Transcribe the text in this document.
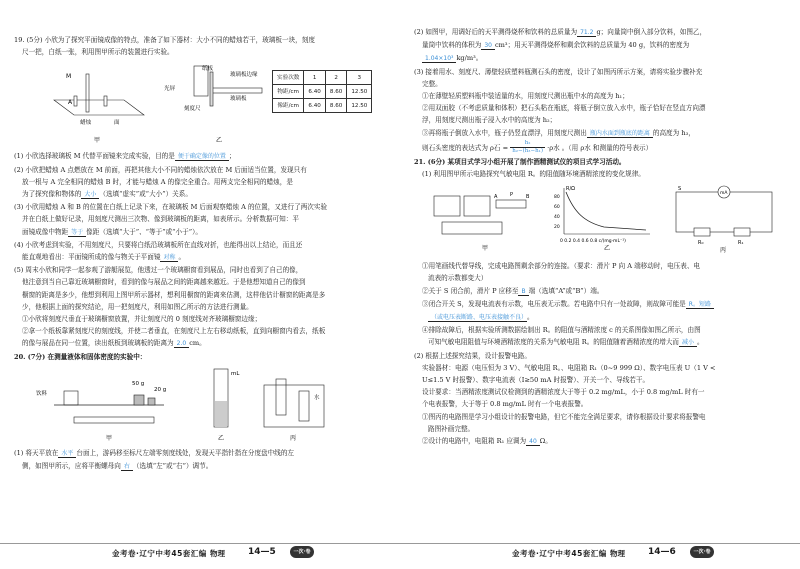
19. (5分) 小欣为了探究平面镜成像的特点，准备了如下器材：大小不同的蜡烛若干，玻璃板一块，刻度
尺一把，白纸一张，利用图甲所示的装置进行实验。
M
A
蜡烛	面
甲
纸板
玻璃板边缘
玻璃板
刻度尺
光屏
乙
实验次数	1	2	3
物距/cm	6.40	8.60	12.50
像距/cm	6.40	8.60	12.50
(1) 小欣选择玻璃板 M 代替平面镜来完成实验，目的是 便于确定像的位置 ；
(2) 小欣把蜡烛 A 点燃放在 M 前面，再把其他大小不同的蜡烛依次放在 M 后面适当位置，发现只有
放一根与 A 完全相同的蜡烛 B 时，才能与蜡烛 A 的像完全重合。用两支完全相同的蜡烛，是
为了探究像和物体的 大小 （选填“虚实”或“大小”）关系。
(3) 小欣用蜡烛 A 和 B 的位置在白纸上记录下来，在玻璃板 M 后面观察蜡烛 A 的位置，又进行了两次实验
并在白纸上做好记录，用刻度尺测出三次物、像到玻璃板的距离，如表所示。分析数据可知：平
面镜成像中物距 等于 像距（选填“大于”、“等于”或“小于”）。
(4) 小欣考虑到实验，不用刻度尺，只要将白纸沿玻璃板所在直线对折，也能得出以上结论，而且还
能直观地看出：平面镜所成的像与物关于平面镜 对称 。
(5) 周末小欣和同学一起参观了游艇展览，他透过一个玻璃橱窗看到展品，同时也看到了自己的像，
他注意到当自己靠近玻璃橱窗时，看到的像与展品之间的距离越来越近。于是他想知道自己的像到
橱窗的距离是多少，他想到利用上图甲所示器材，想利用橱窗的距离来估测，这样他估计橱窗的距离是多
少，他根据上面的探究结论，用一把刻度尺，利用如图乙所示的方法进行测量。
①小欣将刻度尺垂直于玻璃橱窗放置，并让刻度尺的 0 刻度线对齐玻璃橱窗边缘；
②拿一个纸板靠紧刻度尺的刻度线，并使二者垂直，在刻度尺上左右移动纸板，直到向橱窗内看去，纸板
的像与展品在同一位置，读出纸板到玻璃板的距离为 2.0 cm。
20. (7分) 在测量液体和固体密度的实验中：
饮料
50 g
20 g
甲
mL
乙
水
丙
(1) 将天平放在 水平 台面上，游码移至标尺左端零刻度线处，发现天平指针指在分度盘中线的左
侧，如图甲所示，应将平衡螺母向 右 （选填“左”或“右”）调节。
金考卷·辽宁中考45套汇编 物理	14—5	一次·卷
(2) 如图甲，用调好后的天平测得烧杯和饮料的总质量为 71.2 g；向量筒中倒入部分饮料，如图乙，
量筒中饮料的体积为 30 cm³；用天平测得烧杯和剩余饮料的总质量为 40 g，饮料的密度为
1.04×10³ kg/m³。
(3) 接着用水、刻度尺、薄壁轻质塑料瓶测石头的密度，设计了如图丙所示方案，请将实验步骤补充
完整。
①在薄壁轻质塑料瓶中装适量的水，用刻度尺测出瓶中水的高度为 h₁；
②用双面胶（不考虑质量和体积）把石头粘在瓶底，将瓶子倒立放入水中，瓶子恰好在竖直方向漂
浮，用刻度尺测出瓶子浸入水中的高度为 h₂；
③再将瓶子倒放入水中，瓶子仍竖直漂浮，用刻度尺测出 瓶内水面到瓶底的距离 的高度为 h₃，
则石头密度的表达式为 ρ石 = $\frac{\text{h₂}}{\text{h₂−(h₃−h₁)}} \cdot\rho$水 。（用 ρ水 和测量的符号表示）
21. (6分) 某项目式学习小组开展了制作酒精测试仪的项目式学习活动。
(1) 利用图甲所示电路探究气敏电阻 R。的阻值随环境酒精浓度的变化规律。
A	B
P
甲
R/Ω
80
60
40
20
0 0.2 0.4 0.6 0.8 c/(mg·mL⁻¹)
乙
mA
S
R₀	R₁
丙
①用笔画线代替导线，完成电路图剩余部分的连接。（要求：滑片 P 向 A 端移动时，电压表、电
流表的示数都变大）
②关于 S 闭合前，滑片 P 应移至 B 端（选填“A”或“B”）端。
③闭合开关 S，发现电流表有示数，电压表无示数。若电路中只有一处故障，则故障可能是 R。短路
（或电压表断路、电压表接触不良） 。
④排除故障后，根据实验所测数据绘制出 R。的阻值与酒精浓度 c 的关系图像如图乙所示，由图
可知气敏电阻阻值与环境酒精浓度的关系为气敏电阻 R。的阻值随着酒精浓度的增大而 减小 。
(2) 根据上述探究结果，设计报警电路。
实验器材：电源（电压恒为 3 V）、气敏电阻 R。、电阻箱 R₁（0~9 999 Ω）、数字电压表 U（1 V <
U≤1.5 V 时报警）、数字电流表（I≥50 mA 时报警）、开关一个、导线若干。
设计要求：当酒精浓度测试仪检测到的酒精浓度大于等于 0.2 mg/mL，小于 0.8 mg/mL 时有一
个电表报警，大于等于 0.8 mg/mL 时有一个电表报警。
①图丙的电路图是学习小组设计的报警电路，但它不能完全满足要求，请你根据设计要求将报警电
路图补画完整。
②设计的电路中，电阻箱 R₁ 应调为 40 Ω。
金考卷·辽宁中考45套汇编 物理	14—6	一次·卷
